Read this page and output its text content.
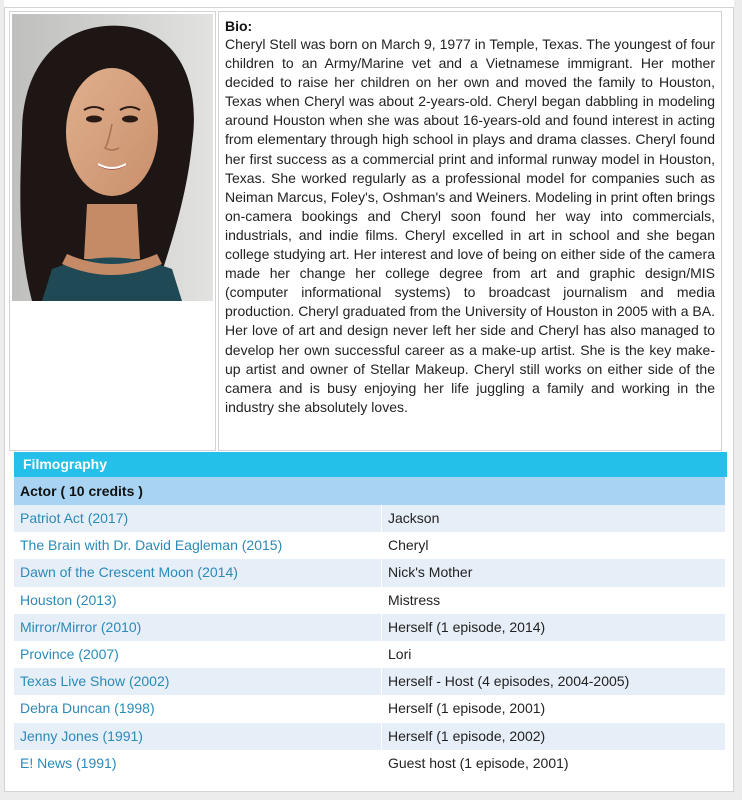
Bio:
Cheryl Stell was born on March 9, 1977 in Temple, Texas. The youngest of four children to an Army/Marine vet and a Vietnamese immigrant. Her mother decided to raise her children on her own and moved the family to Houston, Texas when Cheryl was about 2-years-old. Cheryl began dabbling in modeling around Houston when she was about 16-years-old and found interest in acting from elementary through high school in plays and drama classes. Cheryl found her first success as a commercial print and informal runway model in Houston, Texas. She worked regularly as a professional model for companies such as Neiman Marcus, Foley's, Oshman's and Weiners. Modeling in print often brings on-camera bookings and Cheryl soon found her way into commercials, industrials, and indie films. Cheryl excelled in art in school and she began college studying art. Her interest and love of being on either side of the camera made her change her college degree from art and graphic design/MIS (computer informational systems) to broadcast journalism and media production. Cheryl graduated from the University of Houston in 2005 with a BA. Her love of art and design never left her side and Cheryl has also managed to develop her own successful career as a make-up artist. She is the key make-up artist and owner of Stellar Makeup. Cheryl still works on either side of the camera and is busy enjoying her life juggling a family and working in the industry she absolutely loves.
Filmography
Actor ( 10 credits )
Patriot Act (2017)	Jackson
The Brain with Dr. David Eagleman (2015)	Cheryl
Dawn of the Crescent Moon (2014)	Nick's Mother
Houston (2013)	Mistress
Mirror/Mirror (2010)	Herself (1 episode, 2014)
Province (2007)	Lori
Texas Live Show (2002)	Herself - Host (4 episodes, 2004-2005)
Debra Duncan (1998)	Herself (1 episode, 2001)
Jenny Jones (1991)	Herself (1 episode, 2002)
E! News (1991)	Guest host (1 episode, 2001)
